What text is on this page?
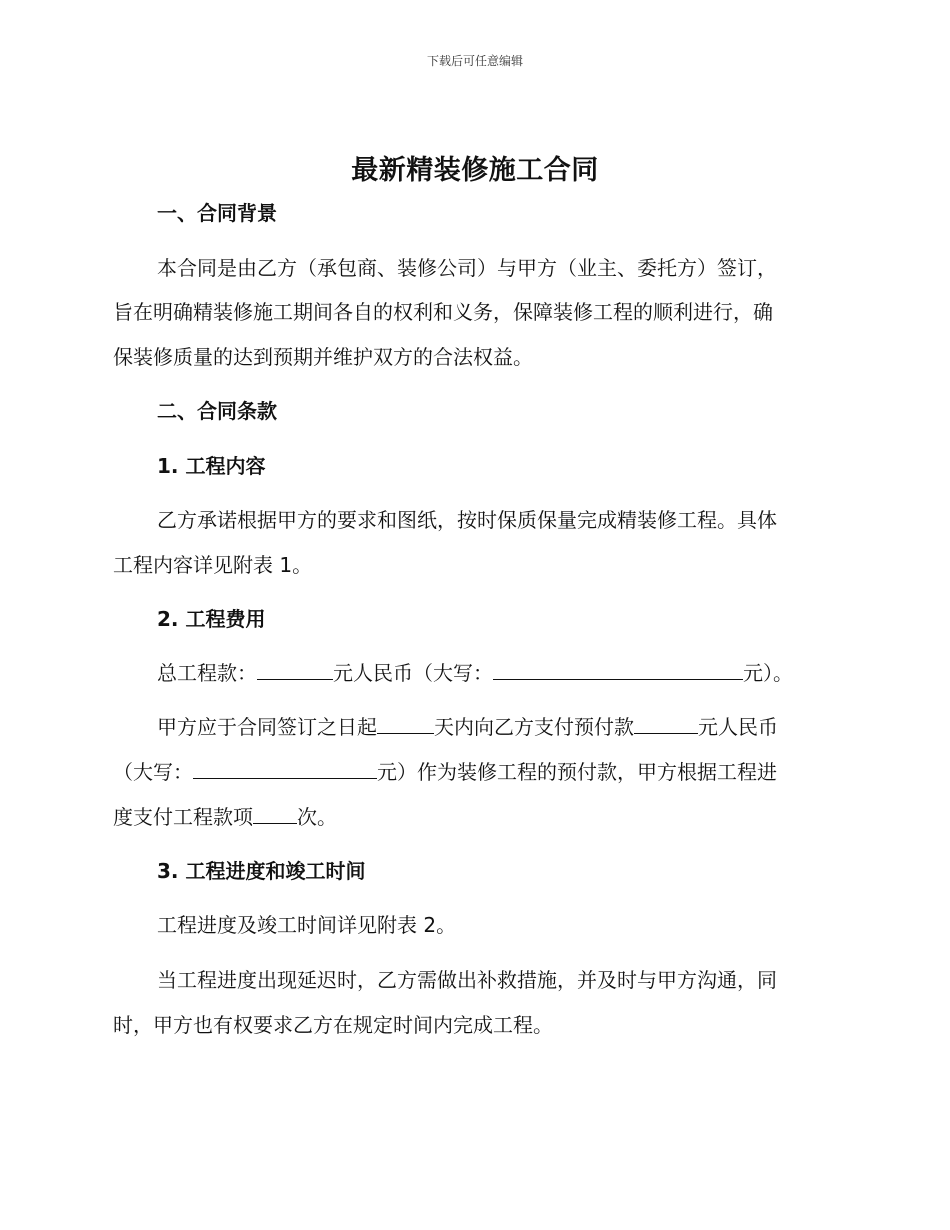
下载后可任意编辑
最新精装修施工合同
一、合同背景
本合同是由乙方（承包商、装修公司）与甲方（业主、委托方）签订，
旨在明确精装修施工期间各自的权利和义务，保障装修工程的顺利进行，确
保装修质量的达到预期并维护双方的合法权益。
二、合同条款
1. 工程内容
乙方承诺根据甲方的要求和图纸，按时保质保量完成精装修工程。具体
工程内容详见附表 1。
2. 工程费用
总工程款：	元人民币（大写：	元）。
甲方应于合同签订之日起	天内向乙方支付预付款	元人民币
（大写：	元）作为装修工程的预付款，甲方根据工程进
度支付工程款项 次。
3. 工程进度和竣工时间
工程进度及竣工时间详见附表 2。
当工程进度出现延迟时，乙方需做出补救措施，并及时与甲方沟通，同
时，甲方也有权要求乙方在规定时间内完成工程。
